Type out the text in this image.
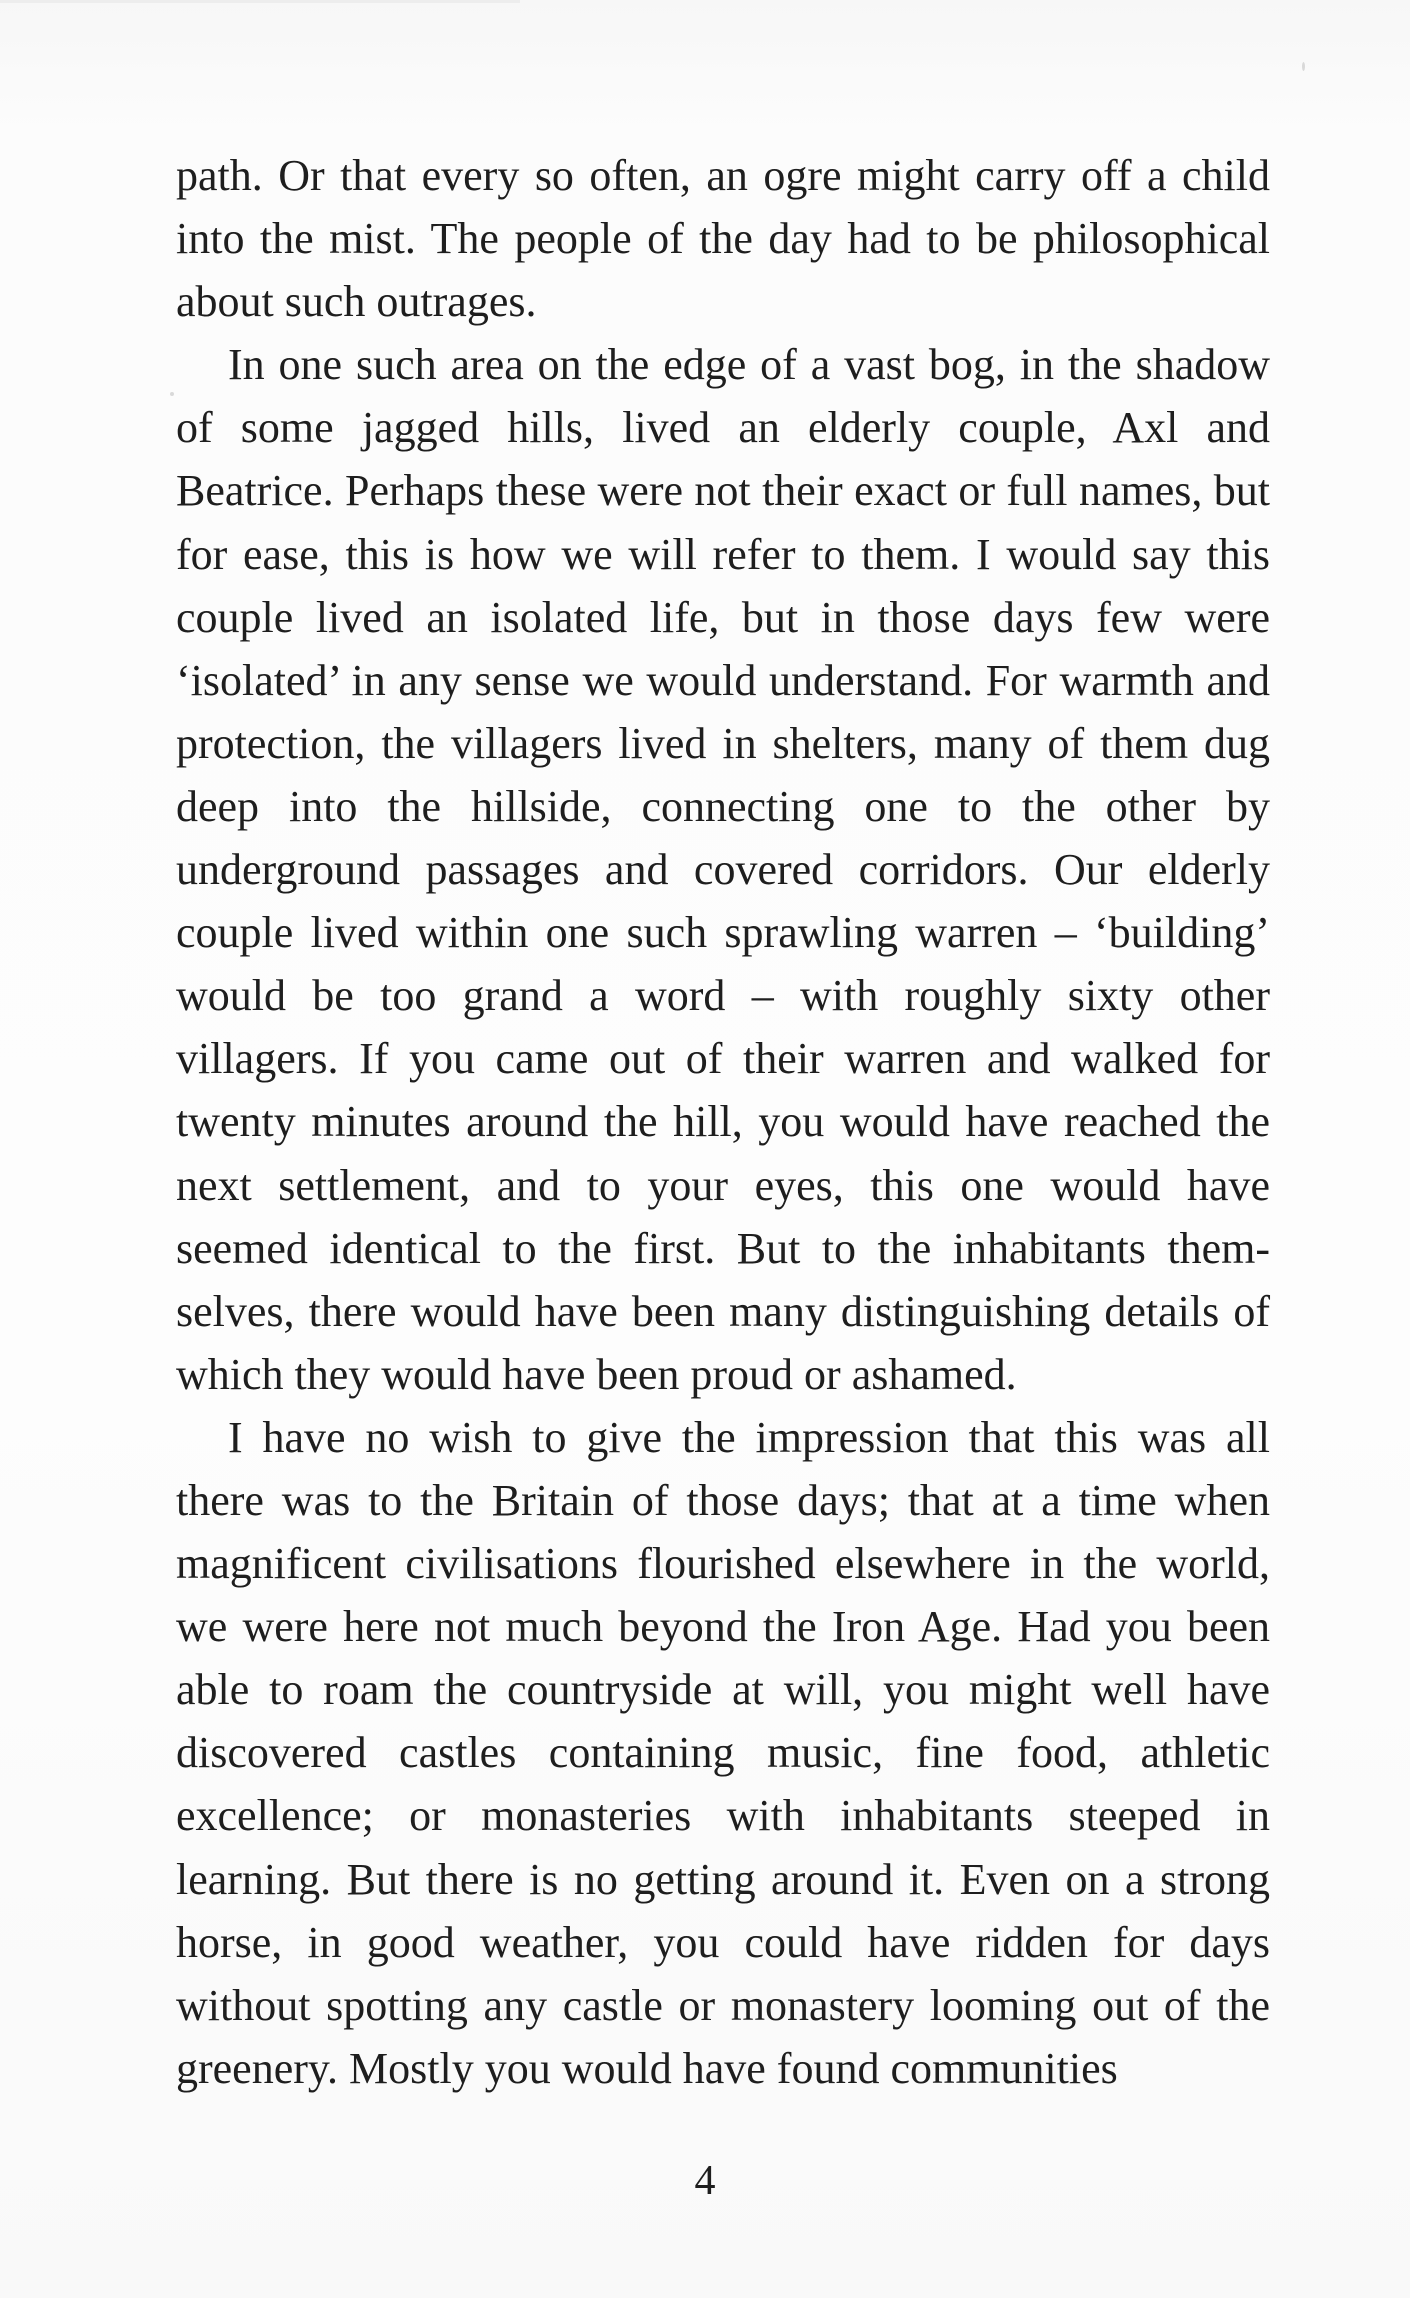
path. Or that every so often, an ogre might carry off a child into the mist. The people of the day had to be philosophical about such outrages.

In one such area on the edge of a vast bog, in the shadow of some jagged hills, lived an elderly couple, Axl and Beatrice. Perhaps these were not their exact or full names, but for ease, this is how we will refer to them. I would say this couple lived an isolated life, but in those days few were ‘isolated’ in any sense we would understand. For warmth and protection, the villagers lived in shelters, many of them dug deep into the hillside, connecting one to the other by underground passages and covered corridors. Our elderly couple lived within one such sprawling warren – ‘building’ would be too grand a word – with roughly sixty other villagers. If you came out of their warren and walked for twenty minutes around the hill, you would have reached the next settlement, and to your eyes, this one would have seemed identical to the first. But to the inhabitants themselves, there would have been many distinguishing details of which they would have been proud or ashamed.

I have no wish to give the impression that this was all there was to the Britain of those days; that at a time when magnificent civilisations flourished elsewhere in the world, we were here not much beyond the Iron Age. Had you been able to roam the countryside at will, you might well have discovered castles containing music, fine food, athletic excellence; or monasteries with inhabitants steeped in learning. But there is no getting around it. Even on a strong horse, in good weather, you could have ridden for days without spotting any castle or monastery looming out of the greenery. Mostly you would have found communities

4
